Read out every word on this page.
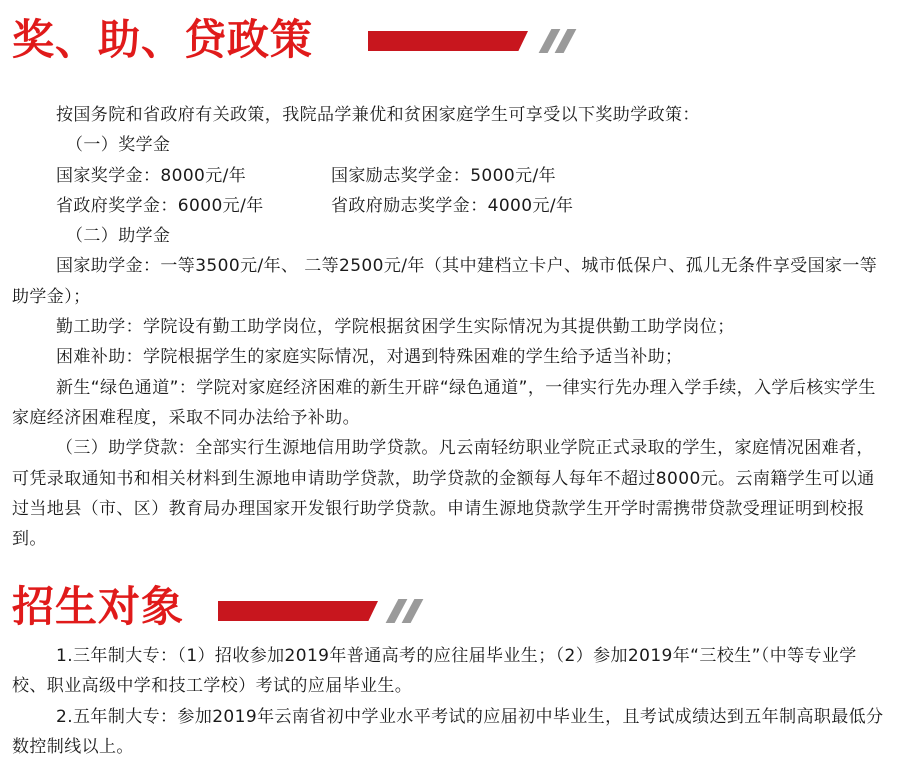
奖、助、贷政策

按国务院和省政府有关政策，我院品学兼优和贫困家庭学生可享受以下奖助学政策：

（一）奖学金

国家奖学金：8000元/年	国家励志奖学金：5000元/年
省政府奖学金：6000元/年	省政府励志奖学金：4000元/年

（二）助学金

国家助学金：一等3500元/年、 二等2500元/年（其中建档立卡户、城市低保户、孤儿无条件享受国家一等助学金）；

勤工助学：学院设有勤工助学岗位，学院根据贫困学生实际情况为其提供勤工助学岗位；

困难补助：学院根据学生的家庭实际情况，对遇到特殊困难的学生给予适当补助；

新生“绿色通道”：学院对家庭经济困难的新生开辟“绿色通道”，一律实行先办理入学手续，入学后核实学生家庭经济困难程度，采取不同办法给予补助。

（三）助学贷款：全部实行生源地信用助学贷款。凡云南轻纺职业学院正式录取的学生，家庭情况困难者，可凭录取通知书和相关材料到生源地申请助学贷款，助学贷款的金额每人每年不超过8000元。云南籍学生可以通过当地县（市、区）教育局办理国家开发银行助学贷款。申请生源地贷款学生开学时需携带贷款受理证明到校报到。

招生对象

1.三年制大专：（1）招收参加2019年普通高考的应往届毕业生；（2）参加2019年“三校生”（中等专业学校、职业高级中学和技工学校）考试的应届毕业生。

2.五年制大专：参加2019年云南省初中学业水平考试的应届初中毕业生，且考试成绩达到五年制高职最低分数控制线以上。
